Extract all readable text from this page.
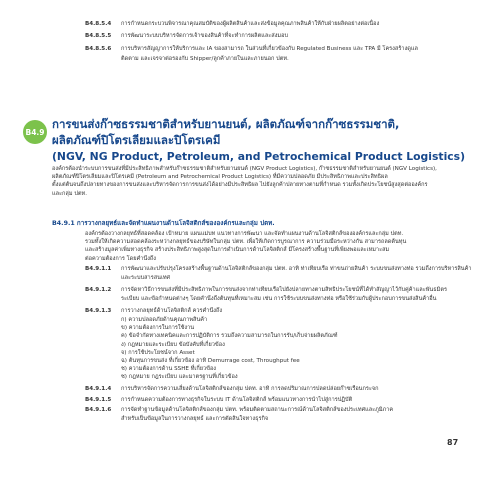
B4.8.5.4 การกำหนดกระบวนพิจารณาคุณสมบัติของผู้ผลิตสินค้าและส่งข้อมูลคุณภาพสินค้าให้กับฝ่ายผลิตอย่างต่อเนื่อง
B4.8.5.5 การพัฒนาระบบบริหารจัดการเจ้าของสินค้าที่จะทำการผลิตและส่งมอบ
B4.8.5.6 การบริหารสัญญาการให้บริการและ IA ของสามารถ ในส่วนที่เกี่ยวข้องกับ Regulated Business และ TPA มี โครงสร้างดูแล
ติดตาม และเจรจาต่อรองกับ Shipper/ลูกค้าภายในและภายนอก ปตท.
B4.9
การขนส่งก๊าซธรรมชาติสำหรับยานยนต์, ผลิตภัณฑ์จากก๊าซธรรมชาติ,
ผลิตภัณฑ์ปิโตรเลียมและปิโตรเคมี
(NGV, NG Product, Petroleum, and Petrochemical Product Logistics)
องค์กรต้องนำระบบการขนส่งที่มีประสิทธิภาพสำหรับก๊าซธรรมชาติสำหรับยานยนต์ (NGV Product Logistics), ก๊าซธรรมชาติสำหรับยานยนต์ (NGV Logistics),
ผลิตภัณฑ์ปิโตรเลียมและปิโตรเคมี (Petroleum and Petrochemical Product Logistics) ที่มีความปลอดภัย มีประสิทธิภาพและประสิทธิผล
ตั้งแต่ต้นจนถึงปลายทางของการขนส่งและบริหารจัดการการขนส่งได้อย่างมีประสิทธิผล ไปยังลูกค้าปลายทางตามที่กำหนด รวมทั้งเกิดประโยชน์สูงสุดต่อองค์กร
และกลุ่ม ปตท.
B4.9.1 การวางกลยุทธ์และจัดทำแผนงานด้านโลจิสติกส์ขององค์กรและกลุ่ม ปตท.
องค์กรต้องวางกลยุทธ์ที่สอดคล้อง เป้าหมาย แผนแม่บท แนวทางการพัฒนา และจัดทำแผนงานด้านโลจิสติกส์ขององค์กรและกลุ่ม ปตท.
รวมทั้งให้เกิดความสอดคล้องระหว่างกลยุทธ์ของบริษัทในกลุ่ม ปตท. เพื่อให้เกิดการบูรณาการ ความร่วมมือระหว่างกัน สามารถลดต้นทุน
และสร้างมูลค่าเพิ่มทางธุรกิจ สร้างประสิทธิภาพสูงสุดในการดำเนินการด้านโลจิสติกส์ มีโครงสร้างพื้นฐานที่เพียงพอและเหมาะสม
ต่อความต้องการ โดยคำนึงถึง
B4.9.1.1 การพัฒนาและปรับปรุงโครงสร้างพื้นฐานด้านโลจิสติกส์ของกลุ่ม ปตท. อาทิ ท่าเทียบเรือ ท่าขนถ่ายสินค้า ระบบขนส่งทางท่อ รวมถึงการบริหารสินค้า
และระบบสารสนเทศ
B4.9.1.2 การจัดหาวิธีการขนส่งที่มีประสิทธิภาพในการขนส่งจากท่าเทียบเรือไปยังปลายทางตามสิทธิประโยชน์ที่ได้ทำสัญญาไว้กับคู่ค้าและพันธมิตร
ระเบียบ และข้อกำหนดต่างๆ โดยคำนึงถึงต้นทุนที่เหมาะสม เช่น การใช้ระบบขนส่งทางท่อ หรือใช้ร่วมกับผู้ประกอบการขนส่งสินค้าอื่น
B4.9.1.3 การวางกลยุทธ์ด้านโลจิสติกส์ ควรคำนึงถึง
ก) ความปลอดภัยด้านคุณภาพสินค้า
ข) ความต้องการในการใช้งาน
ค) ข้อจำกัดทางเทคนิคและการปฏิบัติการ รวมถึงความสามารถในการรับ/เก็บจ่ายผลิตภัณฑ์
ง) กฎหมายและระเบียบ ข้อบังคับที่เกี่ยวข้อง
จ) การใช้ประโยชน์จาก Asset
ฉ) ต้นทุนการขนส่ง ที่เกี่ยวข้อง อาทิ Demurrage cost, Throughput fee
ช) ความต้องการด้าน SSHE ที่เกี่ยวข้อง
ซ) กฎหมาย กฎระเบียบ และมาตรฐานที่เกี่ยวข้อง
B4.9.1.4 การบริหารจัดการความเสี่ยงด้านโลจิสติกส์ของกลุ่ม ปตท. อาทิ การลดปริมาณการปลดปล่อยก๊าซเรือนกระจก
B4.9.1.5 การกำหนดความต้องการทางธุรกิจในระบบ IT ด้านโลจิสติกส์ พร้อมแนวทางการนำไปสู่การปฏิบัติ
B4.9.1.6 การจัดทำฐานข้อมูลด้านโลจิสติกส์ของกลุ่ม ปตท. พร้อมติดตามสถานะการณ์ด้านโลจิสติกส์ของประเทศและภูมิภาค
สำหรับเป็นข้อมูลในการวางกลยุทธ์ และการตัดสินใจทางธุรกิจ
87
